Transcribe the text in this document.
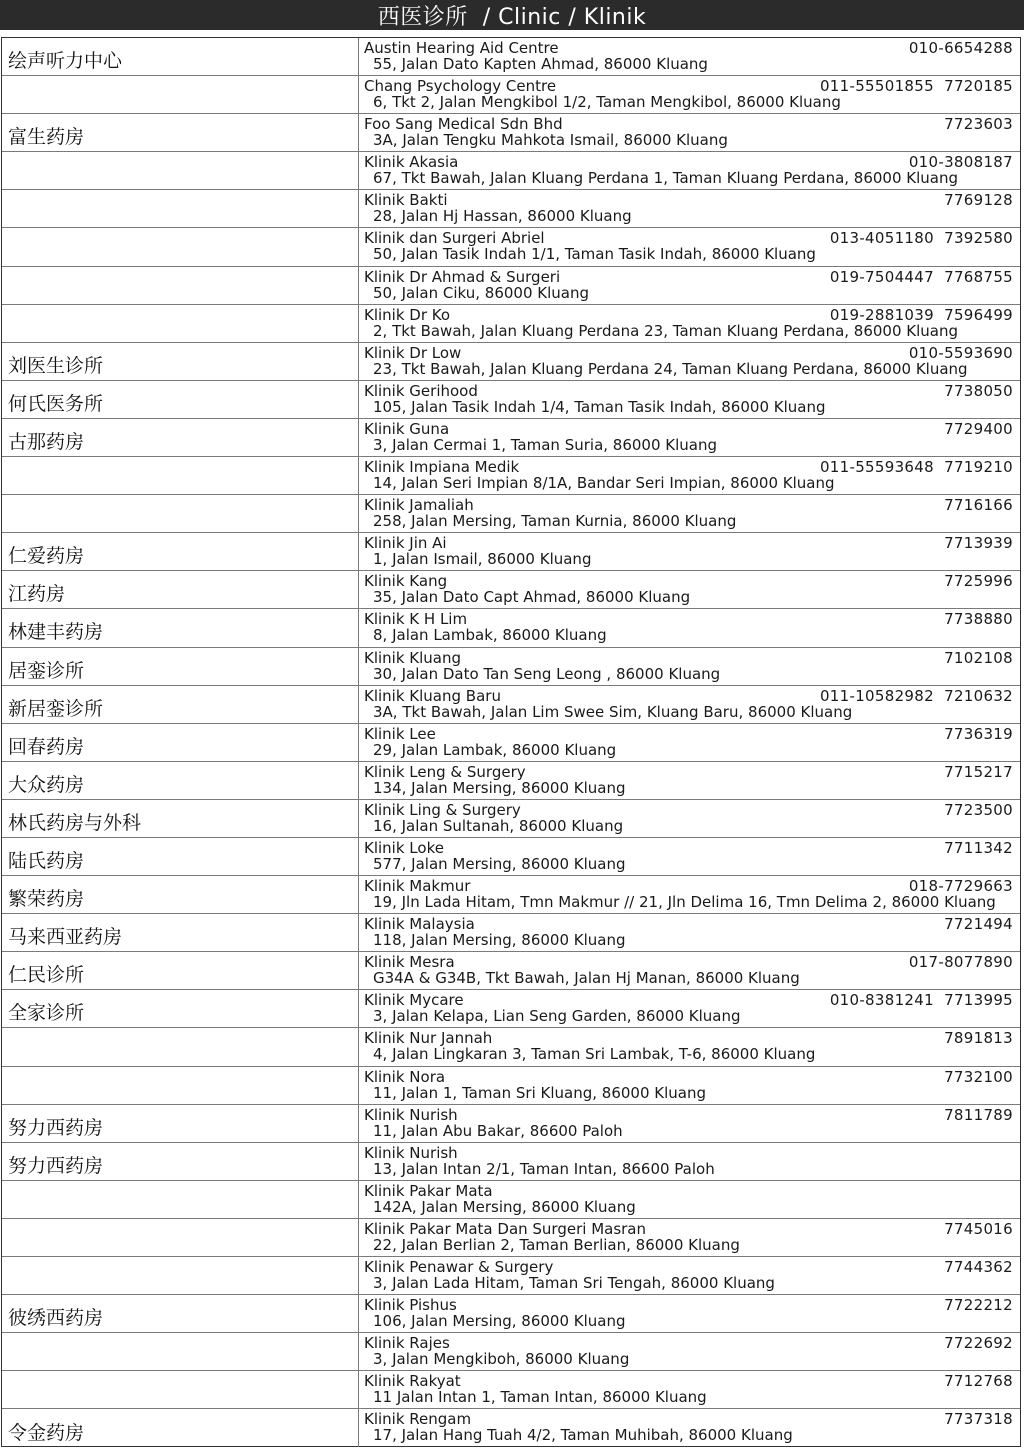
西医诊所  / Clinic / Klinik
绘声听力中心
Austin Hearing Aid Centre
55, Jalan Dato Kapten Ahmad, 86000 Kluang
010-6654288
Chang Psychology Centre
6, Tkt 2, Jalan Mengkibol 1/2, Taman Mengkibol, 86000 Kluang
011-55501855  7720185
富生药房
Foo Sang Medical Sdn Bhd
3A, Jalan Tengku Mahkota Ismail, 86000 Kluang
7723603
Klinik Akasia
67, Tkt Bawah, Jalan Kluang Perdana 1, Taman Kluang Perdana, 86000 Kluang
010-3808187
Klinik Bakti
28, Jalan Hj Hassan, 86000 Kluang
7769128
Klinik dan Surgeri Abriel
50, Jalan Tasik Indah 1/1, Taman Tasik Indah, 86000 Kluang
013-4051180  7392580
Klinik Dr Ahmad & Surgeri
50, Jalan Ciku, 86000 Kluang
019-7504447  7768755
Klinik Dr Ko
2, Tkt Bawah, Jalan Kluang Perdana 23, Taman Kluang Perdana, 86000 Kluang
019-2881039  7596499
刘医生诊所
Klinik Dr Low
23, Tkt Bawah, Jalan Kluang Perdana 24, Taman Kluang Perdana, 86000 Kluang
010-5593690
何氏医务所
Klinik Gerihood
105, Jalan Tasik Indah 1/4, Taman Tasik Indah, 86000 Kluang
7738050
古那药房
Klinik Guna
3, Jalan Cermai 1, Taman Suria, 86000 Kluang
7729400
Klinik Impiana Medik
14, Jalan Seri Impian 8/1A, Bandar Seri Impian, 86000 Kluang
011-55593648  7719210
Klinik Jamaliah
258, Jalan Mersing, Taman Kurnia, 86000 Kluang
7716166
仁爱药房
Klinik Jin Ai
1, Jalan Ismail, 86000 Kluang
7713939
江药房
Klinik Kang
35, Jalan Dato Capt Ahmad, 86000 Kluang
7725996
林建丰药房
Klinik K H Lim
8, Jalan Lambak, 86000 Kluang
7738880
居銮诊所
Klinik Kluang
30, Jalan Dato Tan Seng Leong , 86000 Kluang
7102108
新居銮诊所
Klinik Kluang Baru
3A, Tkt Bawah, Jalan Lim Swee Sim, Kluang Baru, 86000 Kluang
011-10582982  7210632
回春药房
Klinik Lee
29, Jalan Lambak, 86000 Kluang
7736319
大众药房
Klinik Leng & Surgery
134, Jalan Mersing, 86000 Kluang
7715217
林氏药房与外科
Klinik Ling & Surgery
16, Jalan Sultanah, 86000 Kluang
7723500
陆氏药房
Klinik Loke
577, Jalan Mersing, 86000 Kluang
7711342
繁荣药房
Klinik Makmur
19, Jln Lada Hitam, Tmn Makmur // 21, Jln Delima 16, Tmn Delima 2, 86000 Kluang
018-7729663
马来西亚药房
Klinik Malaysia
118, Jalan Mersing, 86000 Kluang
7721494
仁民诊所
Klinik Mesra
G34A & G34B, Tkt Bawah, Jalan Hj Manan, 86000 Kluang
017-8077890
全家诊所
Klinik Mycare
3, Jalan Kelapa, Lian Seng Garden, 86000 Kluang
010-8381241  7713995
Klinik Nur Jannah
4, Jalan Lingkaran 3, Taman Sri Lambak, T-6, 86000 Kluang
7891813
Klinik Nora
11, Jalan 1, Taman Sri Kluang, 86000 Kluang
7732100
努力西药房
Klinik Nurish
11, Jalan Abu Bakar, 86600 Paloh
7811789
努力西药房
Klinik Nurish
13, Jalan Intan 2/1, Taman Intan, 86600 Paloh
Klinik Pakar Mata
142A, Jalan Mersing, 86000 Kluang
Klinik Pakar Mata Dan Surgeri Masran
22, Jalan Berlian 2, Taman Berlian, 86000 Kluang
7745016
Klinik Penawar & Surgery
3, Jalan Lada Hitam, Taman Sri Tengah, 86000 Kluang
7744362
彼绣西药房
Klinik Pishus
106, Jalan Mersing, 86000 Kluang
7722212
Klinik Rajes
3, Jalan Mengkiboh, 86000 Kluang
7722692
Klinik Rakyat
11 Jalan Intan 1, Taman Intan, 86000 Kluang
7712768
令金药房
Klinik Rengam
17, Jalan Hang Tuah 4/2, Taman Muhibah, 86000 Kluang
7737318
